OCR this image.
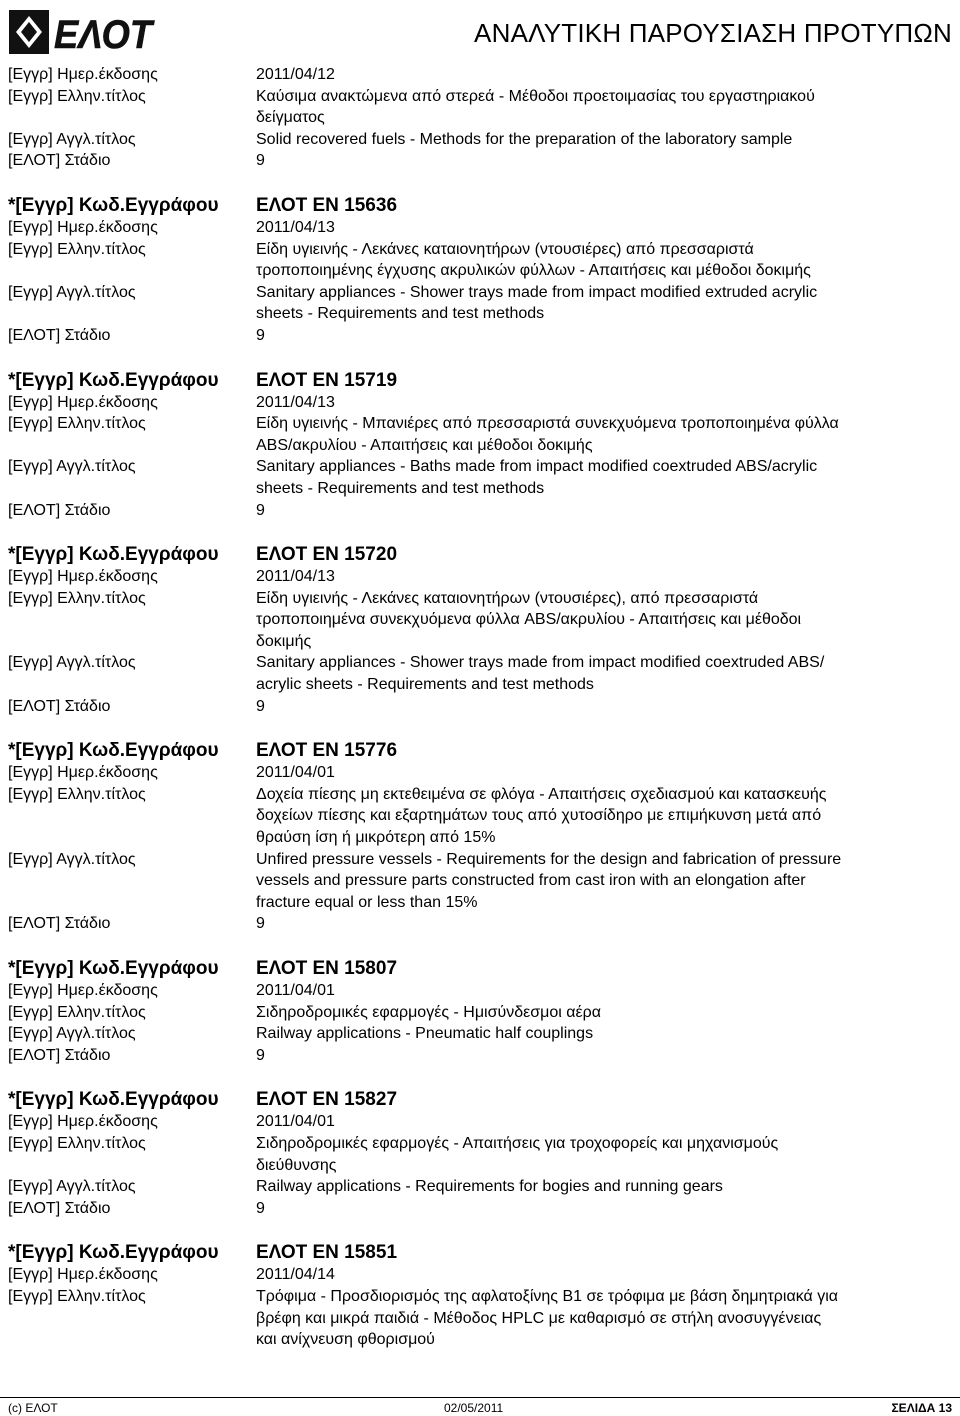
ΕΛΟΤ	ΑΝΑΛΥΤΙΚΗ ΠΑΡΟΥΣΙΑΣΗ ΠΡΟΤΥΠΩΝ
[Εγγρ] Ημερ.έκδοσης	2011/04/12
[Εγγρ] Ελλην.τίτλος	Καύσιμα ανακτώμενα από στερεά - Μέθοδοι προετοιμασίας του εργαστηριακού
δείγματος
[Εγγρ] Αγγλ.τίτλος	Solid recovered fuels - Methods for the preparation of the laboratory sample
[ΕΛΟΤ] Στάδιο	9
*[Εγγρ] Κωδ.Εγγράφου	ΕΛΟΤ EN 15636
[Εγγρ] Ημερ.έκδοσης	2011/04/13
[Εγγρ] Ελλην.τίτλος	Είδη υγιεινής - Λεκάνες καταιονητήρων (ντουσιέρες) από πρεσσαριστά
τροποποιημένης έγχυσης ακρυλικών φύλλων - Απαιτήσεις και μέθοδοι δοκιμής
[Εγγρ] Αγγλ.τίτλος	Sanitary appliances - Shower trays made from impact modified extruded acrylic
sheets - Requirements and test methods
[ΕΛΟΤ] Στάδιο	9
*[Εγγρ] Κωδ.Εγγράφου	ΕΛΟΤ EN 15719
[Εγγρ] Ημερ.έκδοσης	2011/04/13
[Εγγρ] Ελλην.τίτλος	Είδη υγιεινής - Μπανιέρες από πρεσσαριστά συνεκχυόμενα τροποποιημένα φύλλα
ABS/ακρυλίου - Απαιτήσεις και μέθοδοι δοκιμής
[Εγγρ] Αγγλ.τίτλος	Sanitary appliances - Baths made from impact modified coextruded ABS/acrylic
sheets - Requirements and test methods
[ΕΛΟΤ] Στάδιο	9
*[Εγγρ] Κωδ.Εγγράφου	ΕΛΟΤ EN 15720
[Εγγρ] Ημερ.έκδοσης	2011/04/13
[Εγγρ] Ελλην.τίτλος	Είδη υγιεινής - Λεκάνες καταιονητήρων (ντουσιέρες), από πρεσσαριστά
τροποποιημένα συνεκχυόμενα φύλλα ABS/ακρυλίου - Απαιτήσεις και μέθοδοι
δοκιμής
[Εγγρ] Αγγλ.τίτλος	Sanitary appliances - Shower trays made from impact modified coextruded ABS/
acrylic sheets - Requirements and test methods
[ΕΛΟΤ] Στάδιο	9
*[Εγγρ] Κωδ.Εγγράφου	ΕΛΟΤ EN 15776
[Εγγρ] Ημερ.έκδοσης	2011/04/01
[Εγγρ] Ελλην.τίτλος	Δοχεία πίεσης μη εκτεθειμένα σε φλόγα - Απαιτήσεις σχεδιασμού και κατασκευής
δοχείων πίεσης και εξαρτημάτων τους από χυτοσίδηρο με επιμήκυνση μετά από
θραύση ίση ή μικρότερη από 15%
[Εγγρ] Αγγλ.τίτλος	Unfired pressure vessels - Requirements for the design and fabrication of pressure
vessels and pressure parts constructed from cast iron with an elongation after
fracture equal or less than 15%
[ΕΛΟΤ] Στάδιο	9
*[Εγγρ] Κωδ.Εγγράφου	ΕΛΟΤ EN 15807
[Εγγρ] Ημερ.έκδοσης	2011/04/01
[Εγγρ] Ελλην.τίτλος	Σιδηροδρομικές εφαρμογές - Ημισύνδεσμοι αέρα
[Εγγρ] Αγγλ.τίτλος	Railway applications - Pneumatic half couplings
[ΕΛΟΤ] Στάδιο	9
*[Εγγρ] Κωδ.Εγγράφου	ΕΛΟΤ EN 15827
[Εγγρ] Ημερ.έκδοσης	2011/04/01
[Εγγρ] Ελλην.τίτλος	Σιδηροδρομικές εφαρμογές - Απαιτήσεις για τροχοφορείς και μηχανισμούς
διεύθυνσης
[Εγγρ] Αγγλ.τίτλος	Railway applications - Requirements for bogies and running gears
[ΕΛΟΤ] Στάδιο	9
*[Εγγρ] Κωδ.Εγγράφου	ΕΛΟΤ EN 15851
[Εγγρ] Ημερ.έκδοσης	2011/04/14
[Εγγρ] Ελλην.τίτλος	Τρόφιμα - Προσδιορισμός της αφλατοξίνης Β1 σε τρόφιμα με βάση δημητριακά για
βρέφη και μικρά παιδιά - Μέθοδος HPLC με καθαρισμό σε στήλη ανοσυγγένειας
και ανίχνευση φθορισμού
(c) ΕΛΟΤ	02/05/2011	ΣΕΛΙΔΑ 13
